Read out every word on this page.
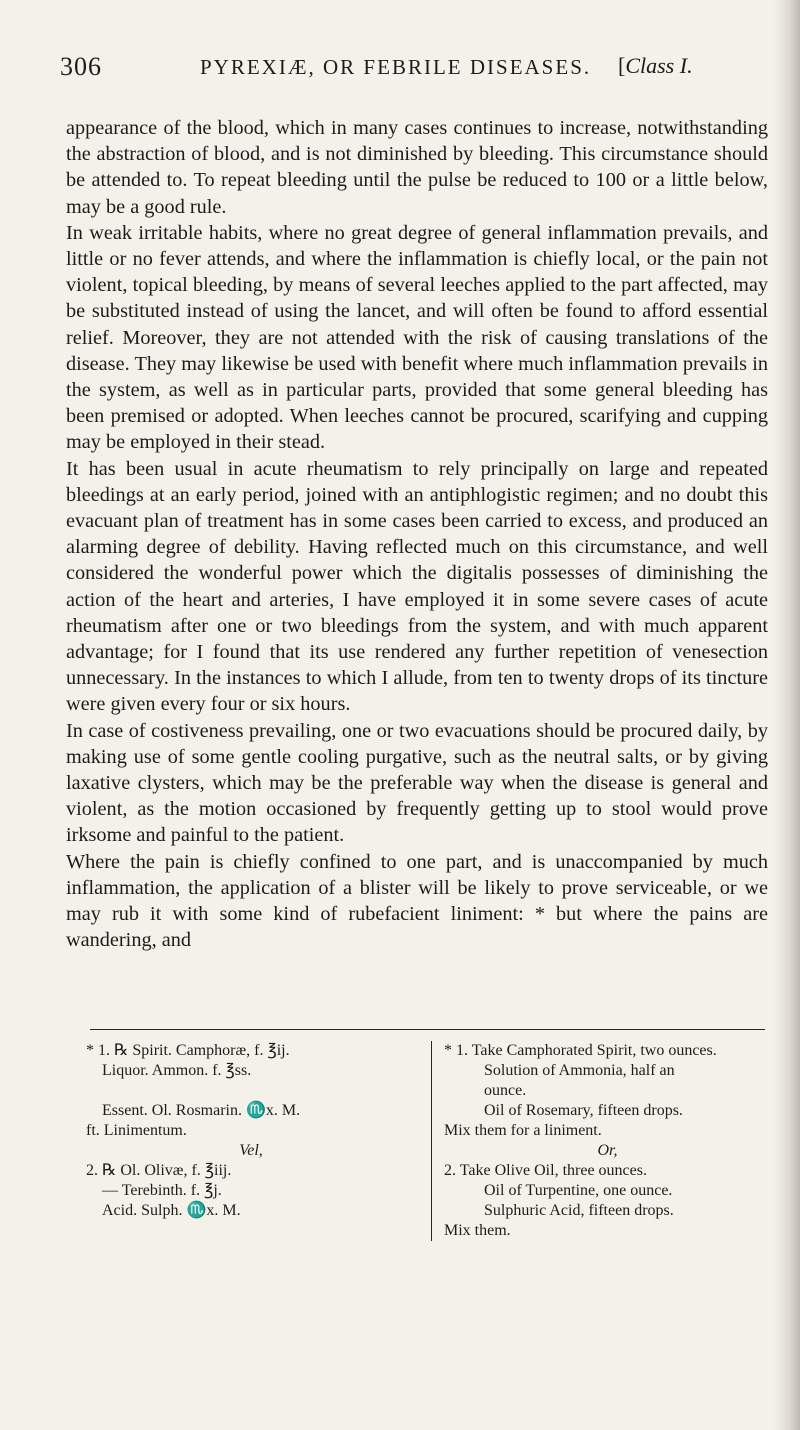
306	PYREXIÆ, OR FEBRILE DISEASES. [Class I.

appearance of the blood, which in many cases continues to increase, notwithstanding the abstraction of blood, and is not diminished by bleeding. This circumstance should be attended to. To repeat bleeding until the pulse be reduced to 100 or a little below, may be a good rule.

In weak irritable habits, where no great degree of general inflammation prevails, and little or no fever attends, and where the inflammation is chiefly local, or the pain not violent, topical bleeding, by means of several leeches applied to the part affected, may be substituted instead of using the lancet, and will often be found to afford essential relief. Moreover, they are not attended with the risk of causing translations of the disease. They may likewise be used with benefit where much inflammation prevails in the system, as well as in particular parts, provided that some general bleeding has been premised or adopted. When leeches cannot be procured, scarifying and cupping may be employed in their stead.

It has been usual in acute rheumatism to rely principally on large and repeated bleedings at an early period, joined with an antiphlogistic regimen; and no doubt this evacuant plan of treatment has in some cases been carried to excess, and produced an alarming degree of debility. Having reflected much on this circumstance, and well considered the wonderful power which the digitalis possesses of diminishing the action of the heart and arteries, I have employed it in some severe cases of acute rheumatism after one or two bleedings from the system, and with much apparent advantage; for I found that its use rendered any further repetition of venesection unnecessary. In the instances to which I allude, from ten to twenty drops of its tincture were given every four or six hours.

In case of costiveness prevailing, one or two evacuations should be procured daily, by making use of some gentle cooling purgative, such as the neutral salts, or by giving laxative clysters, which may be the preferable way when the disease is general and violent, as the motion occasioned by frequently getting up to stool would prove irksome and painful to the patient.

Where the pain is chiefly confined to one part, and is unaccompanied by much inflammation, the application of a blister will be likely to prove serviceable, or we may rub it with some kind of rubefacient liniment: * but where the pains are wandering, and

* 1. ℞ Spirit. Camphoræ, f. ℥ij.
Liquor. Ammon. f. ℥ss.
Essent. Ol. Rosmarin. ♏x. M.
ft. Linimentum.
Vel,
2. ℞ Ol. Olivæ, f. ℥iij.
— Terebinth. f. ℥j.
Acid. Sulph. ♏x. M.
* 1. Take Camphorated Spirit, two ounces.
Solution of Ammonia, half an
ounce.
Oil of Rosemary, fifteen drops.
Mix them for a liniment.
Or,
2. Take Olive Oil, three ounces.
Oil of Turpentine, one ounce.
Sulphuric Acid, fifteen drops.
Mix them.
